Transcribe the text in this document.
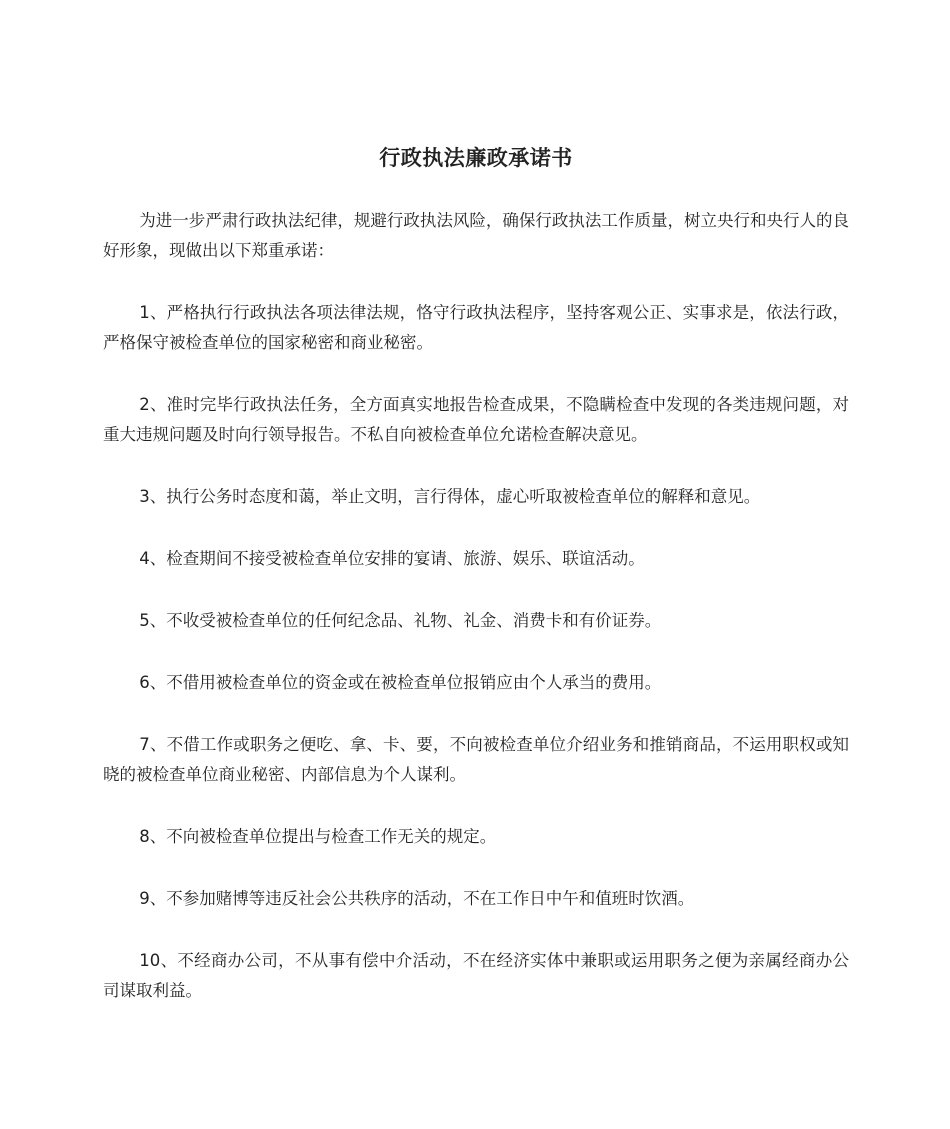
行政执法廉政承诺书

为进一步严肃行政执法纪律，规避行政执法风险，确保行政执法工作质量，树立央行和央行人的良好形象，现做出以下郑重承诺：

1、严格执行行政执法各项法律法规，恪守行政执法程序，坚持客观公正、实事求是，依法行政，严格保守被检查单位的国家秘密和商业秘密。

2、准时完毕行政执法任务，全方面真实地报告检查成果，不隐瞒检查中发现的各类违规问题，对重大违规问题及时向行领导报告。不私自向被检查单位允诺检查解决意见。

3、执行公务时态度和蔼，举止文明，言行得体，虚心听取被检查单位的解释和意见。

4、检查期间不接受被检查单位安排的宴请、旅游、娱乐、联谊活动。

5、不收受被检查单位的任何纪念品、礼物、礼金、消费卡和有价证券。

6、不借用被检查单位的资金或在被检查单位报销应由个人承当的费用。

7、不借工作或职务之便吃、拿、卡、要，不向被检查单位介绍业务和推销商品，不运用职权或知晓的被检查单位商业秘密、内部信息为个人谋利。

8、不向被检查单位提出与检查工作无关的规定。

9、不参加赌博等违反社会公共秩序的活动，不在工作日中午和值班时饮酒。

10、不经商办公司，不从事有偿中介活动，不在经济实体中兼职或运用职务之便为亲属经商办公司谋取利益。
